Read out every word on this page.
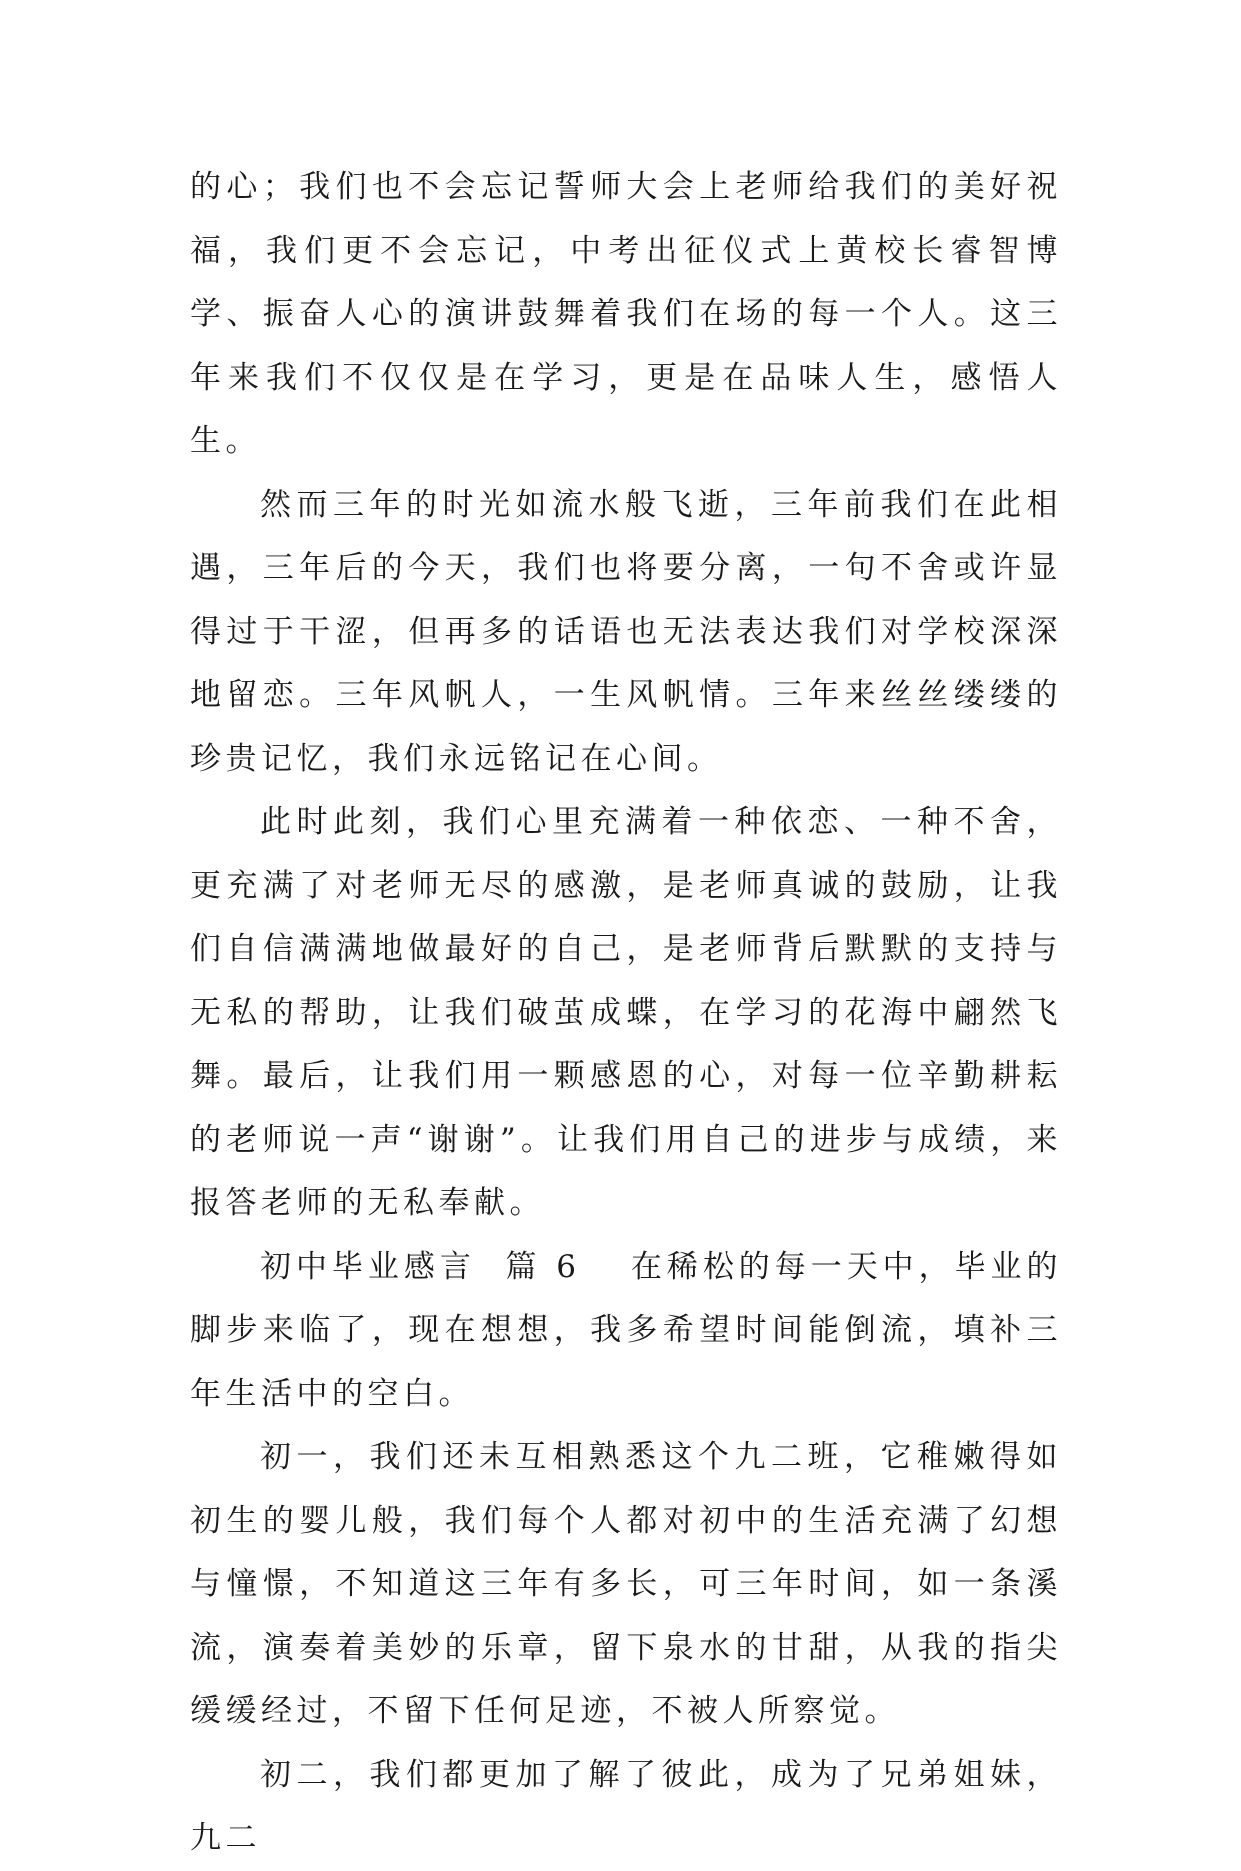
的心；我们也不会忘记誓师大会上老师给我们的美好祝福，我们更不会忘记，中考出征仪式上黄校长睿智博学、振奋人心的演讲鼓舞着我们在场的每一个人。这三年来我们不仅仅是在学习，更是在品味人生，感悟人生。

然而三年的时光如流水般飞逝，三年前我们在此相遇，三年后的今天，我们也将要分离，一句不舍或许显得过于干涩，但再多的话语也无法表达我们对学校深深地留恋。三年风帆人，一生风帆情。三年来丝丝缕缕的珍贵记忆，我们永远铭记在心间。

此时此刻，我们心里充满着一种依恋、一种不舍，更充满了对老师无尽的感激，是老师真诚的鼓励，让我们自信满满地做最好的自己，是老师背后默默的支持与无私的帮助，让我们破茧成蝶，在学习的花海中翩然飞舞。最后，让我们用一颗感恩的心，对每一位辛勤耕耘的老师说一声“谢谢”。让我们用自己的进步与成绩，来报答老师的无私奉献。

初中毕业感言 篇 6 在稀松的每一天中，毕业的脚步来临了，现在想想，我多希望时间能倒流，填补三年生活中的空白。

初一，我们还未互相熟悉这个九二班，它稚嫩得如初生的婴儿般，我们每个人都对初中的生活充满了幻想与憧憬，不知道这三年有多长，可三年时间，如一条溪流，演奏着美妙的乐章，留下泉水的甘甜，从我的指尖缓缓经过，不留下任何足迹，不被人所察觉。

初二，我们都更加了解了彼此，成为了兄弟姐妹，九二
